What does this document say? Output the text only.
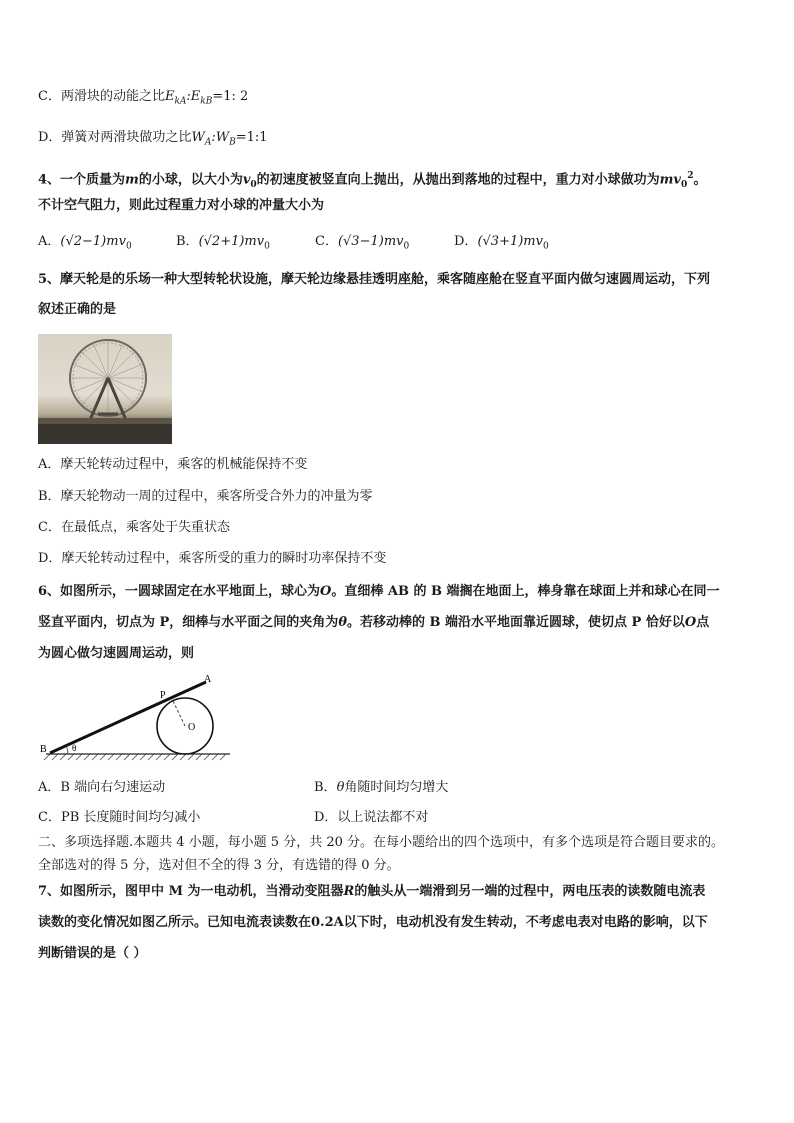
C．两滑块的动能之比$E_{kA}:E_{kB}=1$: 2
D．弹簧对两滑块做功之比$W_A:W_B=1:1$
4、一个质量为m的小球，以大小为$v_0$的初速度被竖直向上抛出，从抛出到落地的过程中，重力对小球做功为$mv_0^2$。
不计空气阻力，则此过程重力对小球的冲量大小为
A．$(√2-1)mv_0$	B．$(√2+1)mv_0$	C．$(√3-1)mv_0$	D．$(√3+1)mv_0$
5、摩天轮是的乐场一种大型转轮状设施，摩天轮边缘悬挂透明座舱，乘客随座舱在竖直平面内做匀速圆周运动，下列
叙述正确的是
A．摩天轮转动过程中，乘客的机械能保持不变
B．摩天轮物动一周的过程中，乘客所受合外力的冲量为零
C．在最低点，乘客处于失重状态
D．摩天轮转动过程中，乘客所受的重力的瞬时功率保持不变
6、如图所示，一圆球固定在水平地面上，球心为O。直细棒 AB 的 B 端搁在地面上，棒身靠在球面上并和球心在同一
竖直平面内，切点为 P，细棒与水平面之间的夹角为θ。若移动棒的 B 端沿水平地面靠近圆球，使切点 P 恰好以O点
为圆心做匀速圆周运动，则
B
A
P
O
θ
A．B 端向右匀速运动	B．θ角随时间均匀增大
C．PB 长度随时间均匀减小	D．以上说法都不对
二、多项选择题.本题共 4 小题，每小题 5 分，共 20 分。在每小题给出的四个选项中，有多个选项是符合题目要求的。
全部选对的得 5 分，选对但不全的得 3 分，有选错的得 0 分。
7、如图所示，图甲中 M 为一电动机，当滑动变阻器R的触头从一端滑到另一端的过程中，两电压表的读数随电流表
读数的变化情况如图乙所示。已知电流表读数在0.2A以下时，电动机没有发生转动，不考虑电表对电路的影响，以下
判断错误的是（ ）
